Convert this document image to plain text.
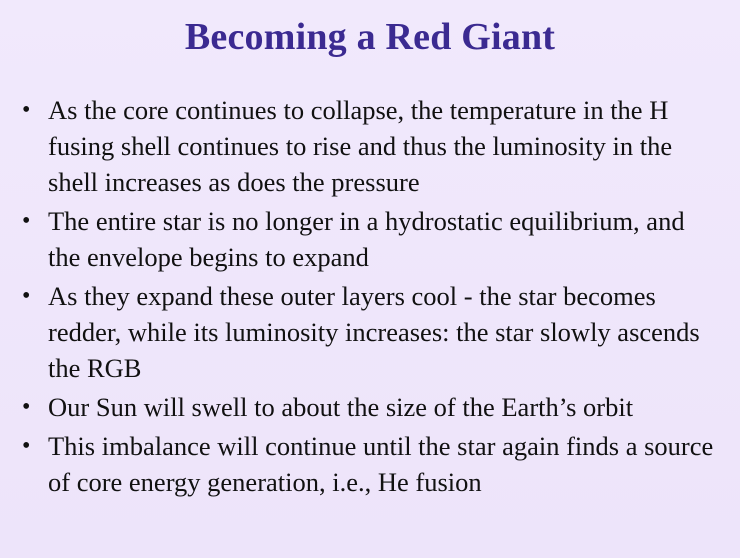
Becoming a Red Giant
• As the core continues to collapse, the temperature in the H fusing shell continues to rise and thus the luminosity in the shell increases as does the pressure
• The entire star is no longer in a hydrostatic equilibrium, and the envelope begins to expand
• As they expand these outer layers cool - the star becomes redder, while its luminosity increases: the star slowly ascends the RGB
• Our Sun will swell to about the size of the Earth’s orbit
• This imbalance will continue until the star again finds a source of core energy generation, i.e., He fusion
